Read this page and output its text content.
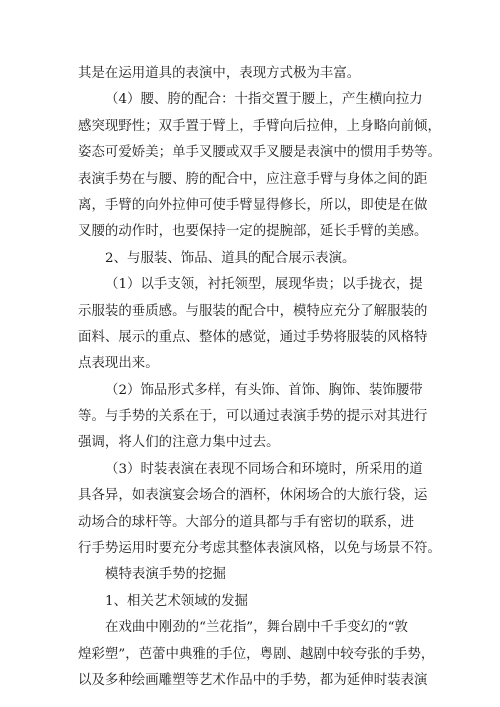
其是在运用道具的表演中，表现方式极为丰富。
（4）腰、胯的配合：十指交置于腰上，产生横向拉力
感突现野性；双手置于臂上，手臂向后拉伸，上身略向前倾，
姿态可爱娇美；单手叉腰或双手叉腰是表演中的惯用手势等。
表演手势在与腰、胯的配合中，应注意手臂与身体之间的距
离，手臂的向外拉伸可使手臂显得修长，所以，即使是在做
叉腰的动作时，也要保持一定的提腕部，延长手臂的美感。
2、与服装、饰品、道具的配合展示表演。
（1）以手支领，衬托领型，展现华贵；以手拢衣，提
示服装的垂质感。与服装的配合中，模特应充分了解服装的
面料、展示的重点、整体的感觉，通过手势将服装的风格特
点表现出来。
（2）饰品形式多样，有头饰、首饰、胸饰、装饰腰带
等。与手势的关系在于，可以通过表演手势的提示对其进行
强调，将人们的注意力集中过去。
（3）时装表演在表现不同场合和环境时，所采用的道
具各异，如表演宴会场合的酒杯，休闲场合的大旅行袋，运
动场合的球杆等。大部分的道具都与手有密切的联系，进
行手势运用时要充分考虑其整体表演风格，以免与场景不符。
模特表演手势的挖掘
1、相关艺术领域的发掘
在戏曲中刚劲的“兰花指”，舞台剧中千手变幻的“敦
煌彩塑”，芭蕾中典雅的手位，粤剧、越剧中较夸张的手势，
以及多种绘画雕塑等艺术作品中的手势，都为延伸时装表演
